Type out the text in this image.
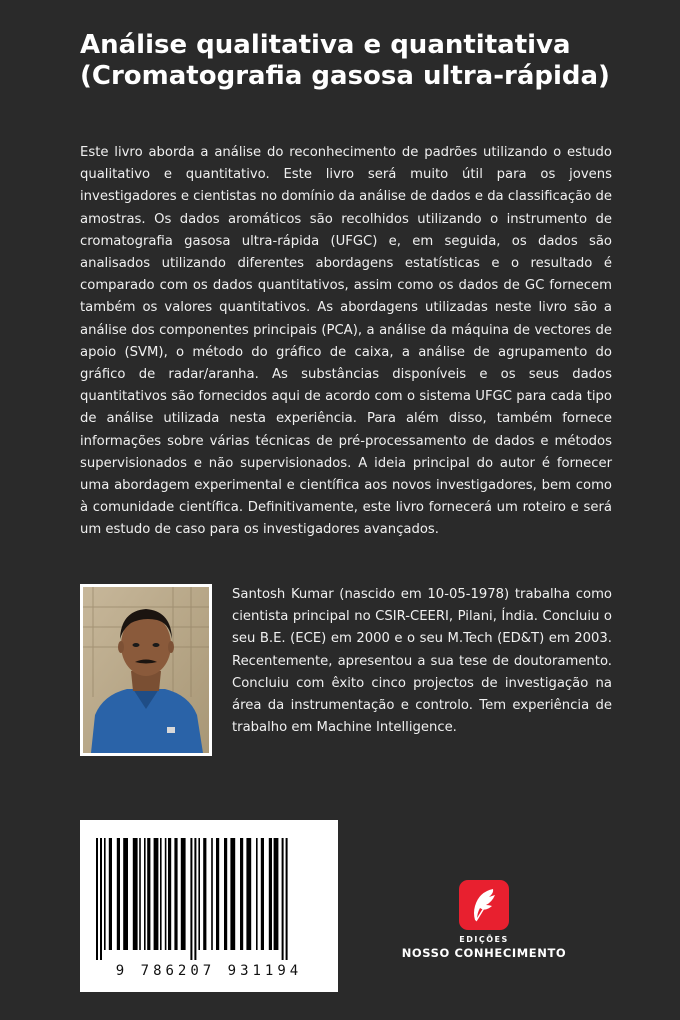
Análise qualitativa e quantitativa (Cromatografia gasosa ultra-rápida)

Este livro aborda a análise do reconhecimento de padrões utilizando o estudo qualitativo e quantitativo. Este livro será muito útil para os jovens investigadores e cientistas no domínio da análise de dados e da classificação de amostras. Os dados aromáticos são recolhidos utilizando o instrumento de cromatografia gasosa ultra-rápida (UFGC) e, em seguida, os dados são analisados utilizando diferentes abordagens estatísticas e o resultado é comparado com os dados quantitativos, assim como os dados de GC fornecem também os valores quantitativos. As abordagens utilizadas neste livro são a análise dos componentes principais (PCA), a análise da máquina de vectores de apoio (SVM), o método do gráfico de caixa, a análise de agrupamento do gráfico de radar/aranha. As substâncias disponíveis e os seus dados quantitativos são fornecidos aqui de acordo com o sistema UFGC para cada tipo de análise utilizada nesta experiência. Para além disso, também fornece informações sobre várias técnicas de pré-processamento de dados e métodos supervisionados e não supervisionados. A ideia principal do autor é fornecer uma abordagem experimental e científica aos novos investigadores, bem como à comunidade científica. Definitivamente, este livro fornecerá um roteiro e será um estudo de caso para os investigadores avançados.

Santosh Kumar (nascido em 10-05-1978) trabalha como cientista principal no CSIR-CEERI, Pilani, Índia. Concluiu o seu B.E. (ECE) em 2000 e o seu M.Tech (ED&T) em 2003. Recentemente, apresentou a sua tese de doutoramento. Concluiu com êxito cinco projectos de investigação na área da instrumentação e controlo. Tem experiência de trabalho em Machine Intelligence.

9 786207 931194
EDIÇÕES
NOSSO CONHECIMENTO
